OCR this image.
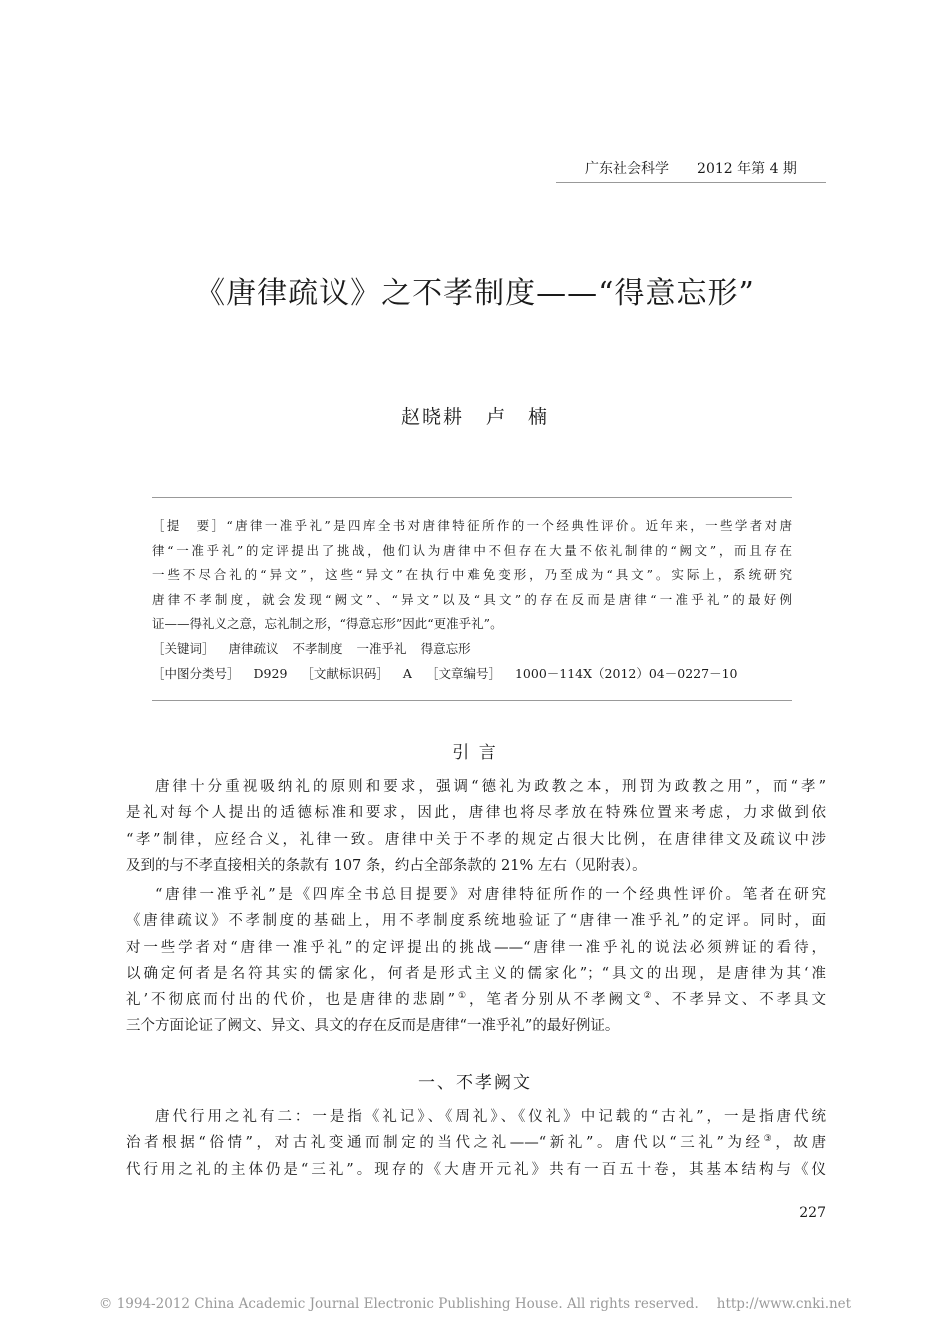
广东社会科学 2012 年第 4 期
《唐律疏议》之不孝制度——“得意忘形”
赵晓耕 卢　楠
［提　要］“唐律一准乎礼”是四库全书对唐律特征所作的一个经典性评价。近年来，一些学者对唐
律“一准乎礼”的定评提出了挑战，他们认为唐律中不但存在大量不依礼制律的“阙文”，而且存在
一些不尽合礼的“异文”，这些“异文”在执行中难免变形，乃至成为“具文”。实际上，系统研究
唐律不孝制度，就会发现“阙文”、“异文”以及“具文”的存在反而是唐律“一准乎礼”的最好例
证——得礼义之意，忘礼制之形，“得意忘形”因此“更准乎礼”。
［关键词］ 唐律疏议 不孝制度 一准乎礼 得意忘形
［中图分类号］ D929 ［文献标识码］ A ［文章编号］ 1000－114X（2012）04－0227－10
引 言
唐律十分重视吸纳礼的原则和要求，强调“德礼为政教之本，刑罚为政教之用”，而“孝”
是礼对每个人提出的适德标准和要求，因此，唐律也将尽孝放在特殊位置来考虑，力求做到依
“孝”制律，应经合义，礼律一致。唐律中关于不孝的规定占很大比例，在唐律律文及疏议中涉
及到的与不孝直接相关的条款有 107 条，约占全部条款的 21% 左右（见附表）。
“唐律一准乎礼”是《四库全书总目提要》对唐律特征所作的一个经典性评价。笔者在研究
《唐律疏议》不孝制度的基础上，用不孝制度系统地验证了“唐律一准乎礼”的定评。同时，面
对一些学者对“唐律一准乎礼”的定评提出的挑战——“唐律一准乎礼的说法必须辨证的看待，
以确定何者是名符其实的儒家化，何者是形式主义的儒家化”；“具文的出现，是唐律为其‘准
礼’不彻底而付出的代价，也是唐律的悲剧”①，笔者分别从不孝阙文②、不孝异文、不孝具文
三个方面论证了阙文、异文、具文的存在反而是唐律“一准乎礼”的最好例证。
一、不孝阙文
唐代行用之礼有二：一是指《礼记》、《周礼》、《仪礼》中记载的“古礼”，一是指唐代统
治者根据“俗情”，对古礼变通而制定的当代之礼——“新礼”。唐代以“三礼”为经③，故唐
代行用之礼的主体仍是“三礼”。现存的《大唐开元礼》共有一百五十卷，其基本结构与《仪
227
© 1994-2012 China Academic Journal Electronic Publishing House. All rights reserved. http://www.cnki.net
